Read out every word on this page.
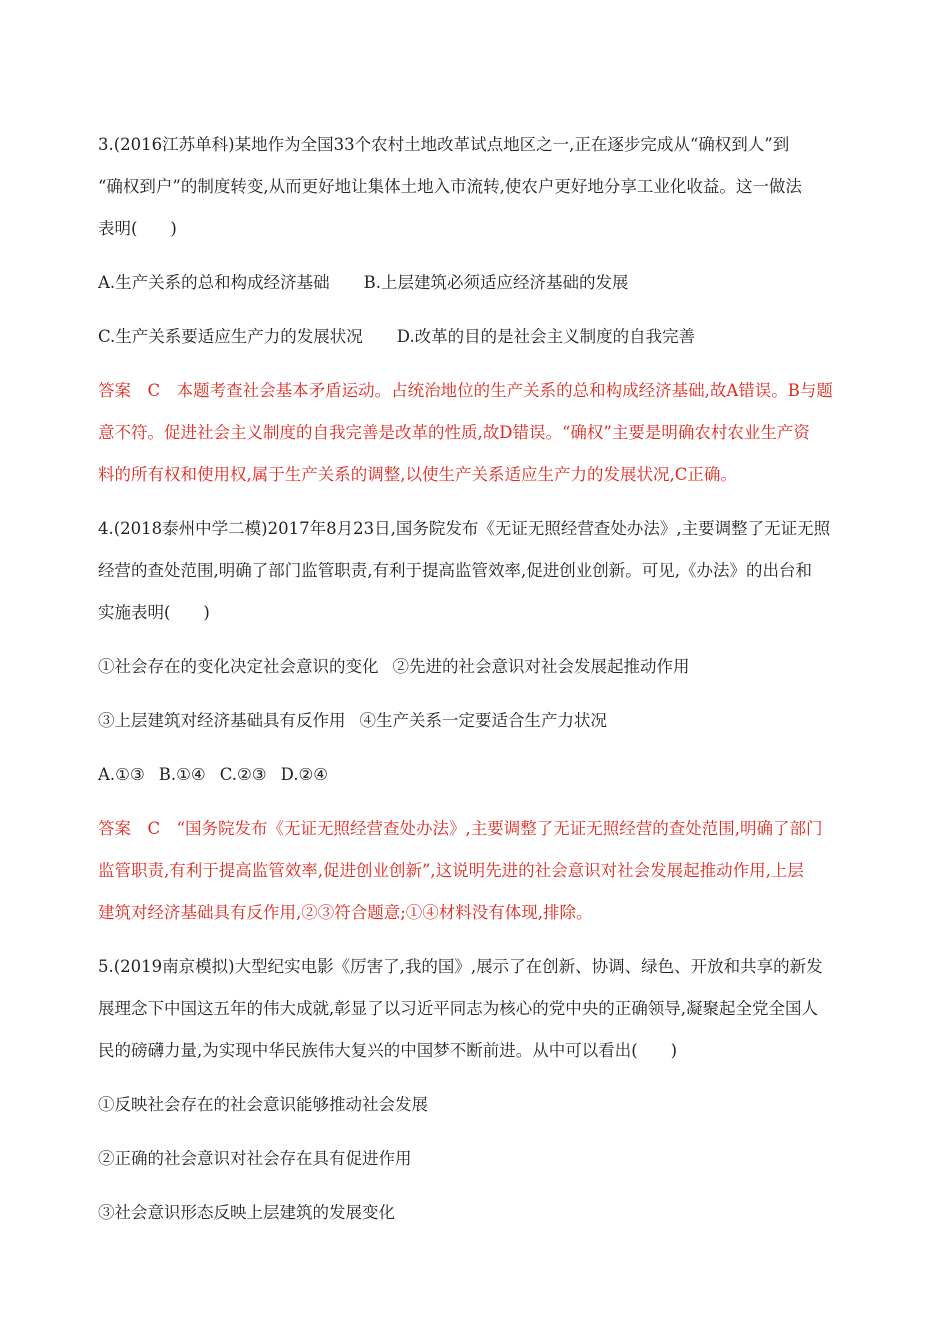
3.(2016江苏单科)某地作为全国33个农村土地改革试点地区之一,正在逐步完成从“确权到人”到

“确权到户”的制度转变,从而更好地让集体土地入市流转,使农户更好地分享工业化收益。这一做法

表明(　　)

A.生产关系的总和构成经济基础 B.上层建筑必须适应经济基础的发展

C.生产关系要适应生产力的发展状况 D.改革的目的是社会主义制度的自我完善

答案　C　本题考查社会基本矛盾运动。占统治地位的生产关系的总和构成经济基础,故A错误。B与题

意不符。促进社会主义制度的自我完善是改革的性质,故D错误。“确权”主要是明确农村农业生产资

料的所有权和使用权,属于生产关系的调整,以使生产关系适应生产力的发展状况,C正确。

4.(2018泰州中学二模)2017年8月23日,国务院发布《无证无照经营查处办法》,主要调整了无证无照

经营的查处范围,明确了部门监管职责,有利于提高监管效率,促进创业创新。可见,《办法》的出台和

实施表明(　　)

①社会存在的变化决定社会意识的变化 ②先进的社会意识对社会发展起推动作用

③上层建筑对经济基础具有反作用 ④生产关系一定要适合生产力状况

A.①③ B.①④ C.②③ D.②④

答案　C　“国务院发布《无证无照经营查处办法》,主要调整了无证无照经营的查处范围,明确了部门

监管职责,有利于提高监管效率,促进创业创新”,这说明先进的社会意识对社会发展起推动作用,上层

建筑对经济基础具有反作用,②③符合题意;①④材料没有体现,排除。

5.(2019南京模拟)大型纪实电影《厉害了,我的国》,展示了在创新、协调、绿色、开放和共享的新发

展理念下中国这五年的伟大成就,彰显了以习近平同志为核心的党中央的正确领导,凝聚起全党全国人

民的磅礴力量,为实现中华民族伟大复兴的中国梦不断前进。从中可以看出(　　)

①反映社会存在的社会意识能够推动社会发展

②正确的社会意识对社会存在具有促进作用

③社会意识形态反映上层建筑的发展变化
